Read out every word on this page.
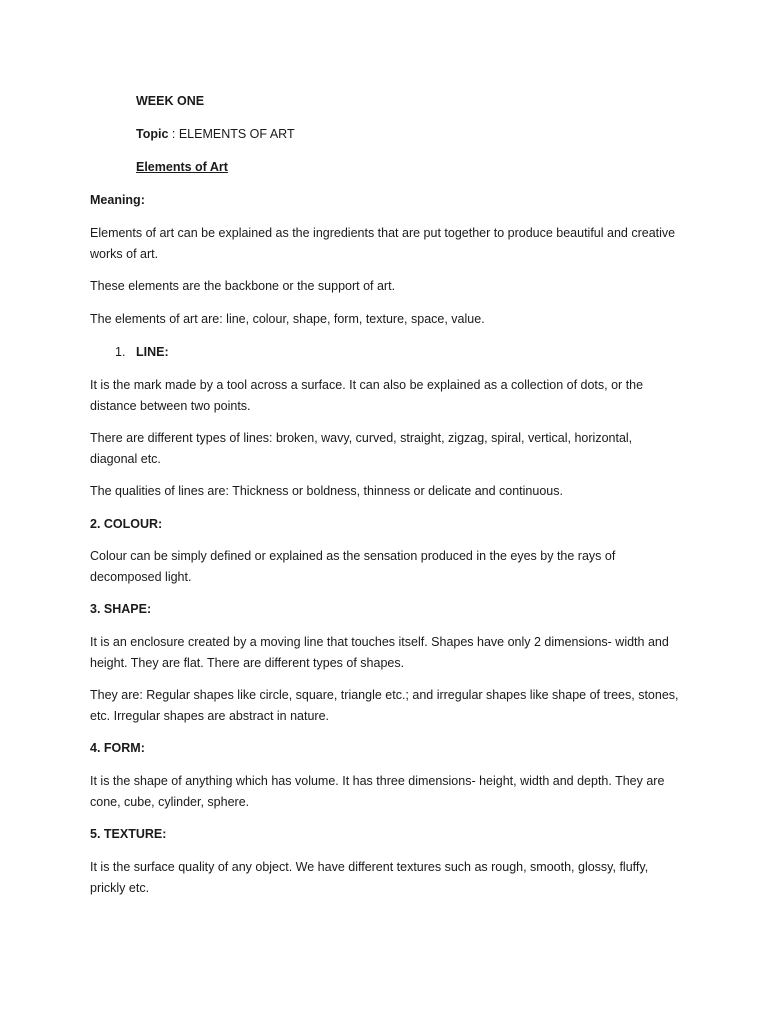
WEEK ONE
Topic : ELEMENTS OF ART
Elements of Art
Meaning:
Elements of art can be explained as the ingredients that are put together to produce beautiful and creative works of art.
These elements are the backbone or the support of art.
The elements of art are: line, colour, shape, form, texture, space, value.
1. LINE:
It is the mark made by a tool across a surface. It can also be explained as a collection of dots, or the distance between two points.
There are different types of lines: broken, wavy, curved, straight, zigzag, spiral, vertical, horizontal, diagonal etc.
The qualities of lines are: Thickness or boldness, thinness or delicate and continuous.
2. COLOUR:
Colour can be simply defined or explained as the sensation produced in the eyes by the rays of decomposed light.
3. SHAPE:
It is an enclosure created by a moving line that touches itself. Shapes have only 2 dimensions- width and height. They are flat. There are different types of shapes.
They are: Regular shapes like circle, square, triangle etc.; and irregular shapes like shape of trees, stones, etc. Irregular shapes are abstract in nature.
4. FORM:
It is the shape of anything which has volume. It has three dimensions- height, width and depth. They are cone, cube, cylinder, sphere.
5. TEXTURE:
It is the surface quality of any object. We have different textures such as rough, smooth, glossy, fluffy, prickly etc.
